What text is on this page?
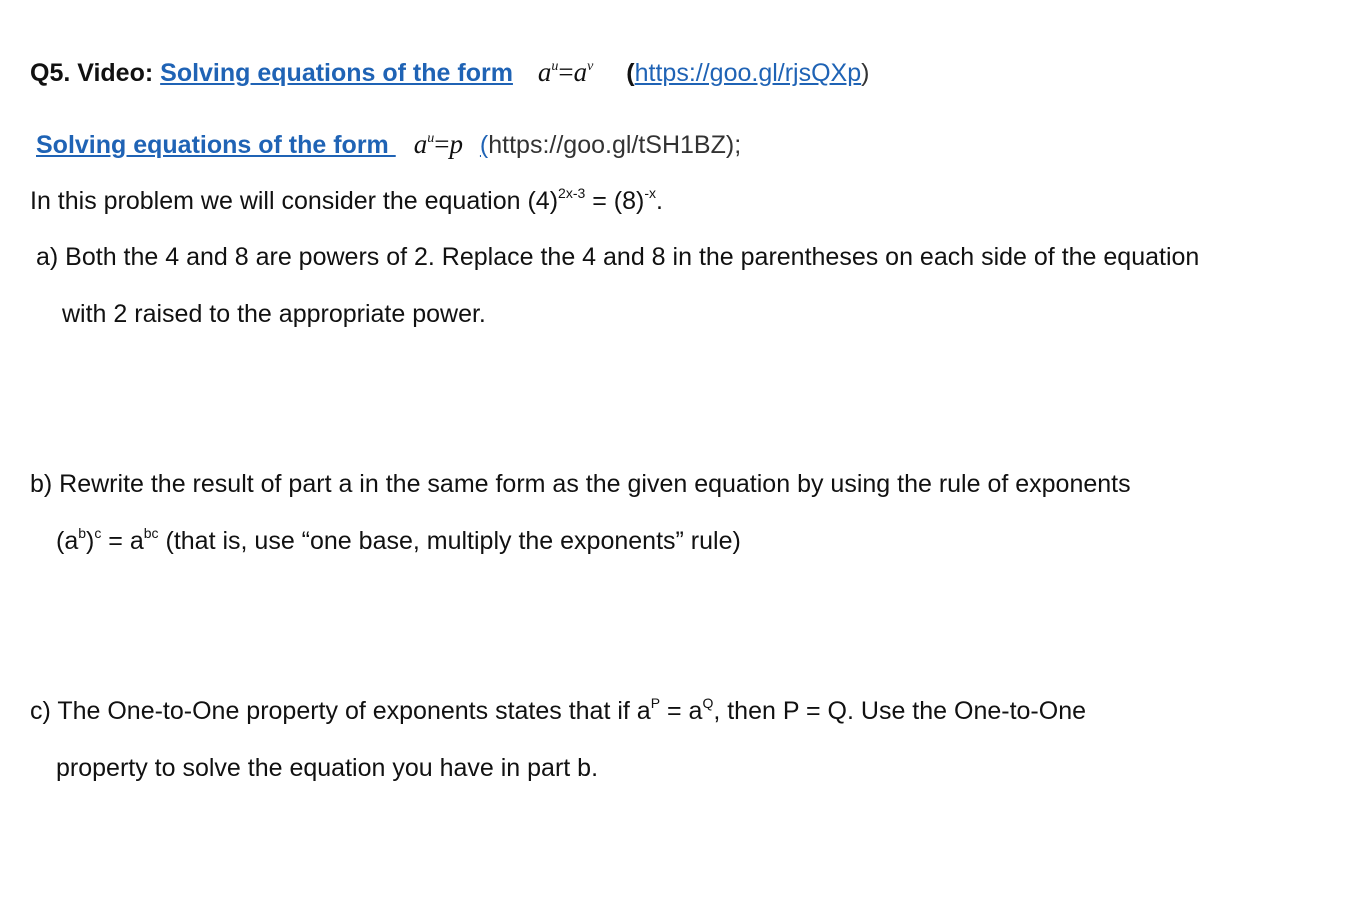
Q5. Video: Solving equations of the form $a^u=a^v$ (https://goo.gl/rjsQXp)
Solving equations of the form $a^u=p$ (https://goo.gl/tSH1BZ);
In this problem we will consider the equation $(4)^{2x-3} = (8)^{-x}$.
a) Both the 4 and 8 are powers of 2. Replace the 4 and 8 in the parentheses on each side of the equation
with 2 raised to the appropriate power.
b) Rewrite the result of part a in the same form as the given equation by using the rule of exponents
$(a^b)^c = a^{bc}$ (that is, use “one base, multiply the exponents” rule)
c) The One-to-One property of exponents states that if $a^P = a^Q$, then P = Q. Use the One-to-One
property to solve the equation you have in part b.
